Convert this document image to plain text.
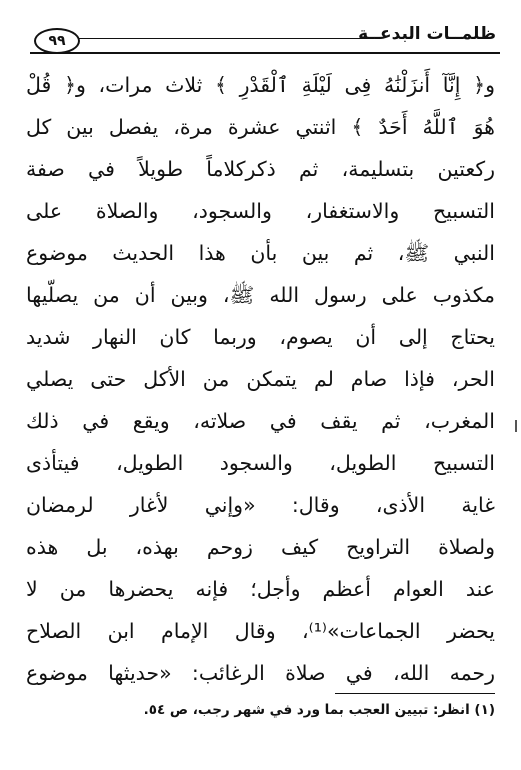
ظلمــات البدعــة
٩٩
و﴿ إِنَّآ أَنزَلْنَٰهُ فِى لَيْلَةِ ٱلْقَدْرِ ﴾ ثلاث مرات، و﴿ قُلْ
هُوَ ٱللَّهُ أَحَدٌ ﴾ اثنتي عشرة مرة، يفصل بين كل
ركعتين بتسليمة، ثم ذكركلاماً طويلاً في صفة
التسبيح والاستغفار، والسجود، والصلاة على
النبي ﷺ، ثم بين بأن هذا الحديث موضوع
مكذوب على رسول الله ﷺ، وبين أن من يصلّيها
يحتاج إلى أن يصوم، وربما كان النهار شديد
الحر، فإذا صام لم يتمكن من الأكل حتى يصلي
المغرب، ثم يقف في صلاته، ويقع في ذلك
التسبيح الطويل، والسجود الطويل، فيتأذى
غاية الأذى، وقال: «وإني لأغار لرمضان
ولصلاة التراويح كيف زوحم بهذه، بل هذه
عند العوام أعظم وأجل؛ فإنه يحضرها من لا
يحضر الجماعات»⁽¹⁾، وقال الإمام ابن الصلاح
رحمه الله، في صلاة الرغائب: «حديثها موضوع
(١) انظر: تبيين العجب بما ورد في شهر رجب، ص ٥٤.
